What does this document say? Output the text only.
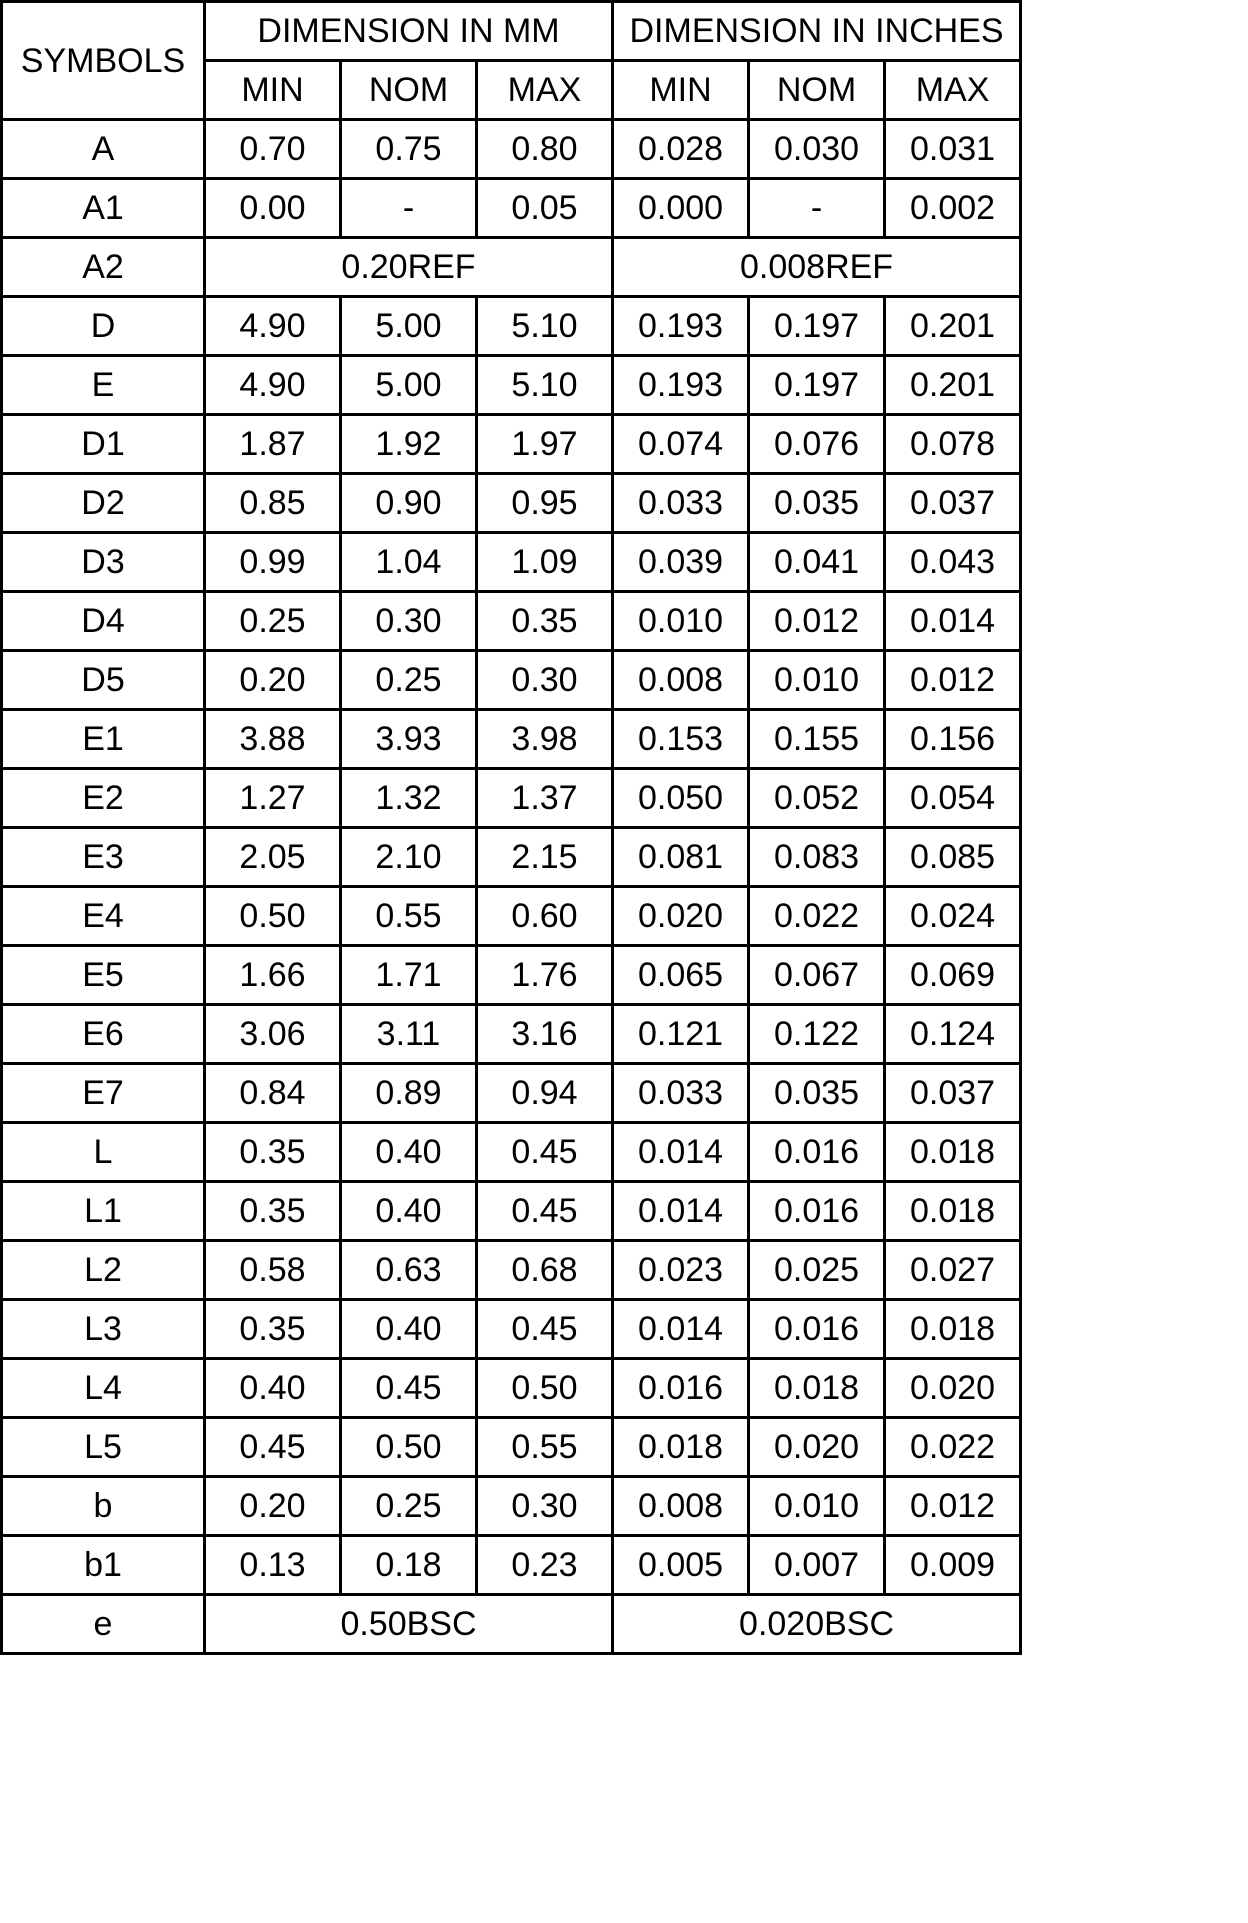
SYMBOLS	DIMENSION IN MM			DIMENSION IN INCHES		
	MIN	NOM	MAX	MIN	NOM	MAX
A	0.70	0.75	0.80	0.028	0.030	0.031
A1	0.00	-	0.05	0.000	-	0.002
A2	0.20REF			0.008REF		
D	4.90	5.00	5.10	0.193	0.197	0.201
E	4.90	5.00	5.10	0.193	0.197	0.201
D1	1.87	1.92	1.97	0.074	0.076	0.078
D2	0.85	0.90	0.95	0.033	0.035	0.037
D3	0.99	1.04	1.09	0.039	0.041	0.043
D4	0.25	0.30	0.35	0.010	0.012	0.014
D5	0.20	0.25	0.30	0.008	0.010	0.012
E1	3.88	3.93	3.98	0.153	0.155	0.156
E2	1.27	1.32	1.37	0.050	0.052	0.054
E3	2.05	2.10	2.15	0.081	0.083	0.085
E4	0.50	0.55	0.60	0.020	0.022	0.024
E5	1.66	1.71	1.76	0.065	0.067	0.069
E6	3.06	3.11	3.16	0.121	0.122	0.124
E7	0.84	0.89	0.94	0.033	0.035	0.037
L	0.35	0.40	0.45	0.014	0.016	0.018
L1	0.35	0.40	0.45	0.014	0.016	0.018
L2	0.58	0.63	0.68	0.023	0.025	0.027
L3	0.35	0.40	0.45	0.014	0.016	0.018
L4	0.40	0.45	0.50	0.016	0.018	0.020
L5	0.45	0.50	0.55	0.018	0.020	0.022
b	0.20	0.25	0.30	0.008	0.010	0.012
b1	0.13	0.18	0.23	0.005	0.007	0.009
e	0.50BSC			0.020BSC		
